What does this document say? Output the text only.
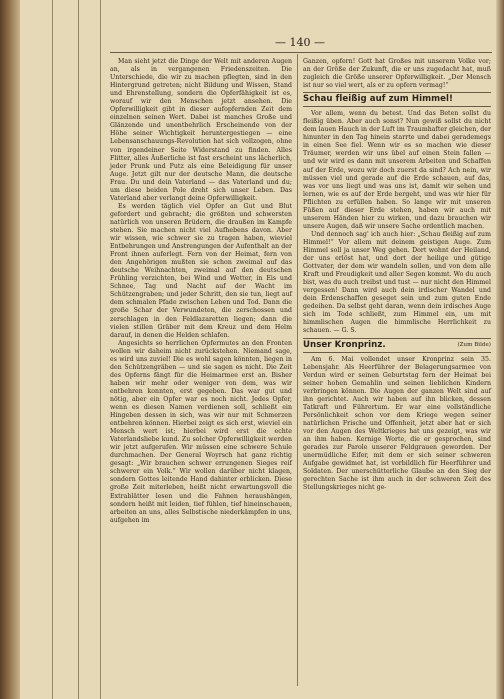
— 140 —

Man sieht jetzt die Dinge der Welt mit anderen Augen an, als in vergangenen Friedenszeiten. Die Unterschiede, die wir zu machen pflegten, sind in den Hintergrund getreten; nicht Bildung und Wissen, Stand und Ehrenstellung, sondern die Opferfähigkeit ist es, worauf wir den Menschen jetzt ansehen. Die Opferwilligkeit gibt in dieser aufopfernden Zeit dem einzelnen seinen Wert. Dabei ist manches Große und Glänzende und unentbehrlich Erscheinende von der Höhe seiner Wichtigkeit heruntergestiegen — eine Lebensanschauungs-Revolution hat sich vollzogen, ohne von irgendeiner Seite Widerstand zu finden. Alles Flitter, alles Äußerliche ist fast erscheint uns lächerlich, jeder Prunk und Putz als eine Beleidigung für unser Auge. Jetzt gilt nur der deutsche Mann, die deutsche Frau. Du und dein Vaterland — das Vaterland und du; um diese beiden Pole dreht sich unser Leben. Das Vaterland aber verlangt deine Opferwilligkeit.

Es werden täglich viel Opfer an Gut und Blut gefordert und gebracht; die größten und schwersten natürlich von unseren Brüdern, die draußen im Kampfe stehen. Sie machen nicht viel Aufhebens davon. Aber wir wissen, wie schwer sie zu tragen haben, wieviel Entbehrungen und Anstrengungen der Aufenthalt an der Front ihnen auferlegt. Fern von der Heimat, fern von den Angehörigen mußten sie schon zweimal auf das deutsche Weihnachten, zweimal auf den deutschen Frühling verzichten, bei Wind und Wetter, in Eis und Schnee, Tag und Nacht auf der Wacht im Schützengraben; und jeder Schritt, den sie tun, liegt auf dem schmalen Pfade zwischen Leben und Tod. Dann die große Schar der Verwundeten, die zerschossen und zerschlagen in den Feldlazaretten liegen; dann die vielen stillen Gräber mit dem Kreuz und dem Helm darauf, in denen die Helden schlafen.

Angesichts so herrlichen Opfermutes an den Fronten wollen wir daheim nicht zurückstehen. Niemand sage, es wird uns zuviel! Die es wohl sagen könnten, liegen in den Schützengräben — und sie sagen es nicht. Die Zeit des Opferns fängt für die Heimarmee erst an. Bisher haben wir mehr oder weniger von dem, was wir entbehren konnten, erst gegeben. Das war gut und nötig, aber ein Opfer war es noch nicht. Jedes Opfer, wenn es diesen Namen verdienen soll, schließt ein Hingeben dessen in sich, was wir nur mit Schmerzen entbehren können. Hierbei zeigt es sich erst, wieviel ein Mensch wert ist; hierbei wird erst die echte Vaterlandsliebe kund. Zu solcher Opferwilligkeit werden wir jetzt aufgerufen. Wir müssen eine schwere Schule durchmachen. Der General Woyrsch hat ganz richtig gesagt: „Wir brauchen schwer errungenen Sieges reif schwerer ein Volk.“ Wir wollen darüber nicht klagen, sondern Gottes leitende Hand dahinter erblicken. Diese große Zeit miterleben, heißt nicht erwartungsvoll die Extrablätter lesen und die Fahnen heraushängen, sondern heißt mit leiden, tief fühlen, tief hineinschauen, arbeiten an uns, alles Selbstische niederkämpfen in uns, aufgehen im

Ganzen, opfern! Gott hat Großes mit unserem Volke vor; an der Größe der Zukunft, die er uns zugedacht hat, muß zugleich die Größe unserer Opferwilligkeit. „Der Mensch ist nur so viel wert, als er zu opfern vermag!“

Schau fleißig auf zum Himmel!

Vor allem, wenn du betest. Und das Beten sollst du fleißig üben. Aber auch sonst? Nun gewiß sollst du nicht dem lauen Hauch in der Luft im Traumhafter gleichen, der hinunter in den Tag hinein starrte und dabei gerademegs in einen See fiel. Wenn wir es so machen wie dieser Träumer, werden wir uns übel auf einen Stein fallen — und wir wird es dann mit unserem Arbeiten und Schaffen auf der Erde, wozu wir doch zuerst da sind? Ach nein, wir müssen viel und gerade auf die Erde schauen, auf das, was vor uns liegt und was uns ist, damit wir sehen und lernen, wie es auf der Erde bergeht, und was wir hier für Pflichten zu erfüllen haben. So lange wir mit unseren Füßen auf dieser Erde stehen, haben wir auch mit unserem Händen hier zu wirken, und dazu brauchen wir unsere Augen, daß wir unsere Sache ordentlich machen.

Und dennoch sag' ich auch hier: „Schau fleißig auf zum Himmel!“ Vor allem mit deinem geistigen Auge. Zum Himmel soll ja unser Weg gehen. Dort wohnt der Heiland, der uns erlöst hat, und dort der heilige und gütige Gottvater, der dem wir wandeln sollen, und von dem alle Kraft und Freudigkeit und aller Segen kommt. Wo du auch bist, was du auch treibst und tust — nur nicht den Himmel vergessen! Dann wird auch dein irdischer Wandel und dein Erdenschaffen geseget sein und zum guten Ende gedeihen. Da selbst geht daran, wenn dein irdisches Auge sich im Tode schließt, zum Himmel ein, um mit himmlischen Augen die himmlische Herrlichkeit zu schauen. — G. S.

Unser Kronprinz.	(Zum Bilde)

Am 6. Mai vollendet unser Kronprinz sein 35. Lebensjahr. Als Heerführer der Belagerungsarmee von Verdun wird er seinen Geburtstag fern der Heimat bei seiner hohen Gemahlin und seinen lieblichen Kindern verbringen können. Die Augen der ganzen Welt sind auf ihn gerichtet. Auch wir haben auf ihn blicken, dessen Tatkraft und Führertum. Er war eine vollständliche Persönlichkeit schon vor dem Kriege wegen seiner natürlichen Frische und Offenheit, jetzt aber hat er sich vor den Augen des Weltkrieges hat uns gezeigt, was wir an ihm haben. Kernige Worte, die er gesprochen, sind gerades zur Parole unserer Feldgrauen geworden. Der unermüdliche Eifer, mit dem er sich seiner schweren Aufgabe gewidmet hat, ist vorbildlich für Heerführer und Soldaten. Der unerschütterliche Glaube an den Sieg der gerechten Sache ist ihm auch in der schweren Zeit des Stellungskrieges nicht ge-
